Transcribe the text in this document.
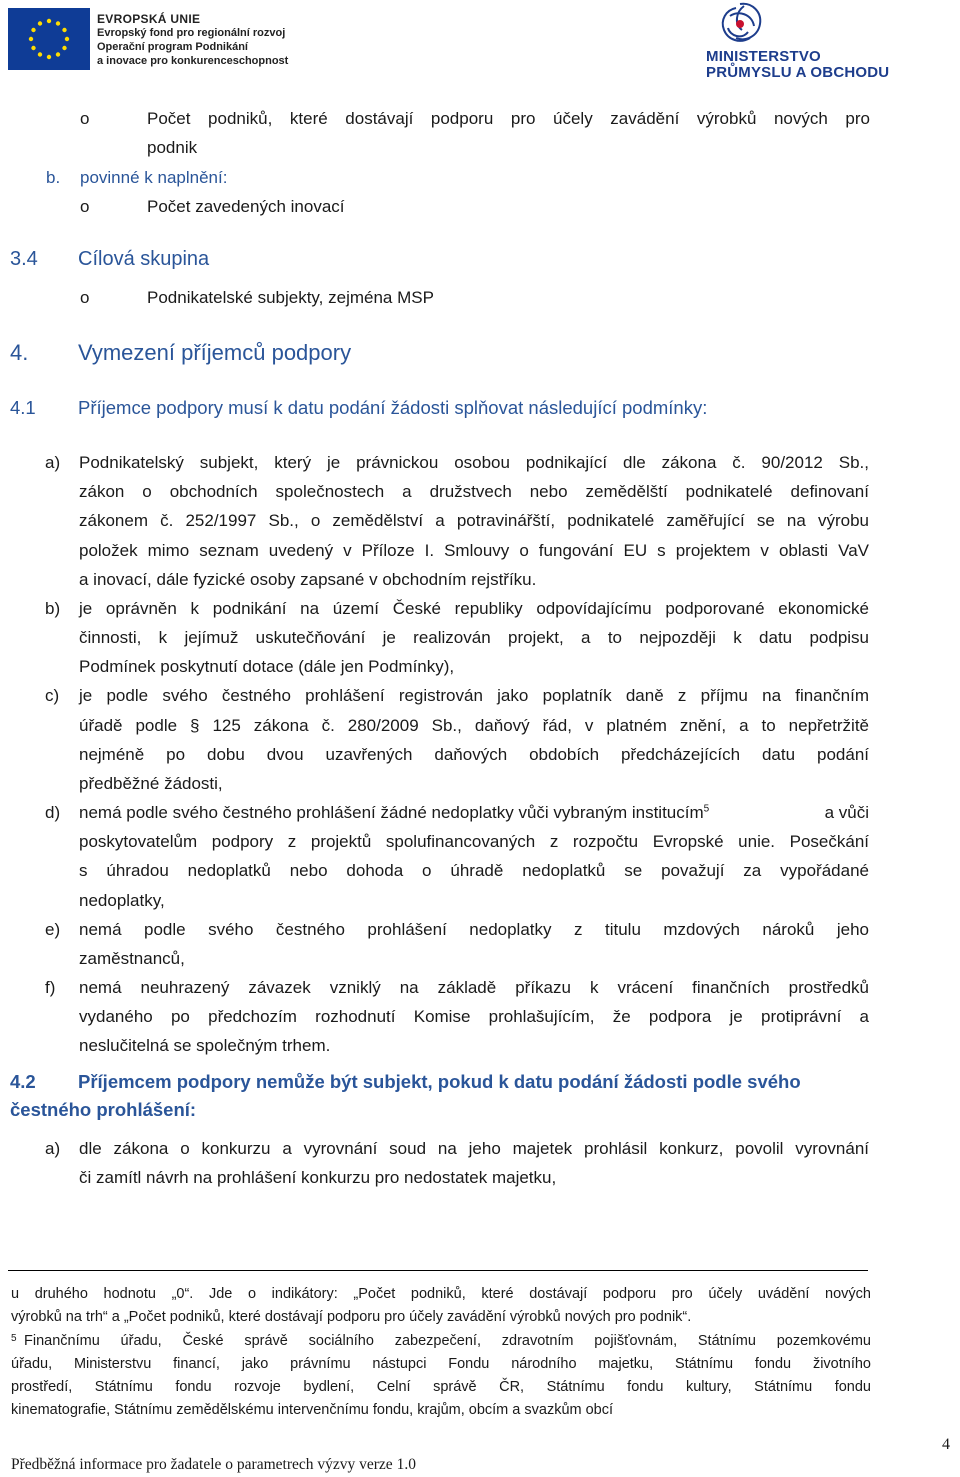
EVROPSKÁ UNIE
Evropský fond pro regionální rozvoj
Operační program Podnikání
a inovace pro konkurenceschopnost	MINISTERSTVO
PRŮMYSLU A OBCHODU
o	Počet podniků, které dostávají podporu pro účely zavádění výrobků nových pro
podnik
b. povinné k naplnění:
o	Počet zavedených inovací
3.4 Cílová skupina
o	Podnikatelské subjekty, zejména MSP
4. Vymezení příjemců podpory
4.1 Příjemce podpory musí k datu podání žádosti splňovat následující podmínky:
a) Podnikatelský subjekt, který je právnickou osobou podnikající dle zákona č. 90/2012 Sb.,
zákon o obchodních společnostech a družstvech nebo zemědělští podnikatelé definovaní
zákonem č. 252/1997 Sb., o zemědělství a potravinářští, podnikatelé zaměřující se na výrobu
položek mimo seznam uvedený v Příloze I. Smlouvy o fungování EU s projektem v oblasti VaV
a inovací, dále fyzické osoby zapsané v obchodním rejstříku.
b) je oprávněn k podnikání na území České republiky odpovídajícímu podporované ekonomické
činnosti, k jejímuž uskutečňování je realizován projekt, a to nejpozději k datu podpisu
Podmínek poskytnutí dotace (dále jen Podmínky),
c) je podle svého čestného prohlášení registrován jako poplatník daně z příjmu na finančním
úřadě podle § 125 zákona č. 280/2009 Sb., daňový řád, v platném znění, a to nepřetržitě
nejméně po dobu dvou uzavřených daňových obdobích předcházejících datu podání
předběžné žádosti,
d) nemá podle svého čestného prohlášení žádné nedoplatky vůči vybraným institucím$^5$	a vůči
poskytovatelům podpory z projektů spolufinancovaných z rozpočtu Evropské unie. Posečkání
s úhradou nedoplatků nebo dohoda o úhradě nedoplatků se považují za vypořádané
nedoplatky,
e) nemá podle svého čestného prohlášení nedoplatky z titulu mzdových nároků jeho
zaměstnanců,
f) nemá neuhrazený závazek vzniklý na základě příkazu k vrácení finančních prostředků
vydaného po předchozím rozhodnutí Komise prohlašujícím, že podpora je protiprávní a
neslučitelná se společným trhem.
4.2 Příjemcem podpory nemůže být subjekt, pokud k datu podání žádosti podle svého
čestného prohlášení:
a) dle zákona o konkurzu a vyrovnání soud na jeho majetek prohlásil konkurz, povolil vyrovnání
či zamítl návrh na prohlášení konkurzu pro nedostatek majetku,
u druhého hodnotu „0“. Jde o indikátory: „Počet podniků, které dostávají podporu pro účely uvádění nových
výrobků na trh“ a „Počet podniků, které dostávají podporu pro účely zavádění výrobků nových pro podnik“.
5 Finančnímu úřadu, České správě sociálního zabezpečení, zdravotním pojišťovnám, Státnímu pozemkovému
úřadu, Ministerstvu financí, jako právnímu nástupci Fondu národního majetku, Státnímu fondu životního
prostředí, Státnímu fondu rozvoje bydlení, Celní správě ČR, Státnímu fondu kultury, Státnímu fondu
kinematografie, Státnímu zemědělskému intervenčnímu fondu, krajům, obcím a svazkům obcí
Předběžná informace pro žadatele o parametrech výzvy verze 1.0
4
